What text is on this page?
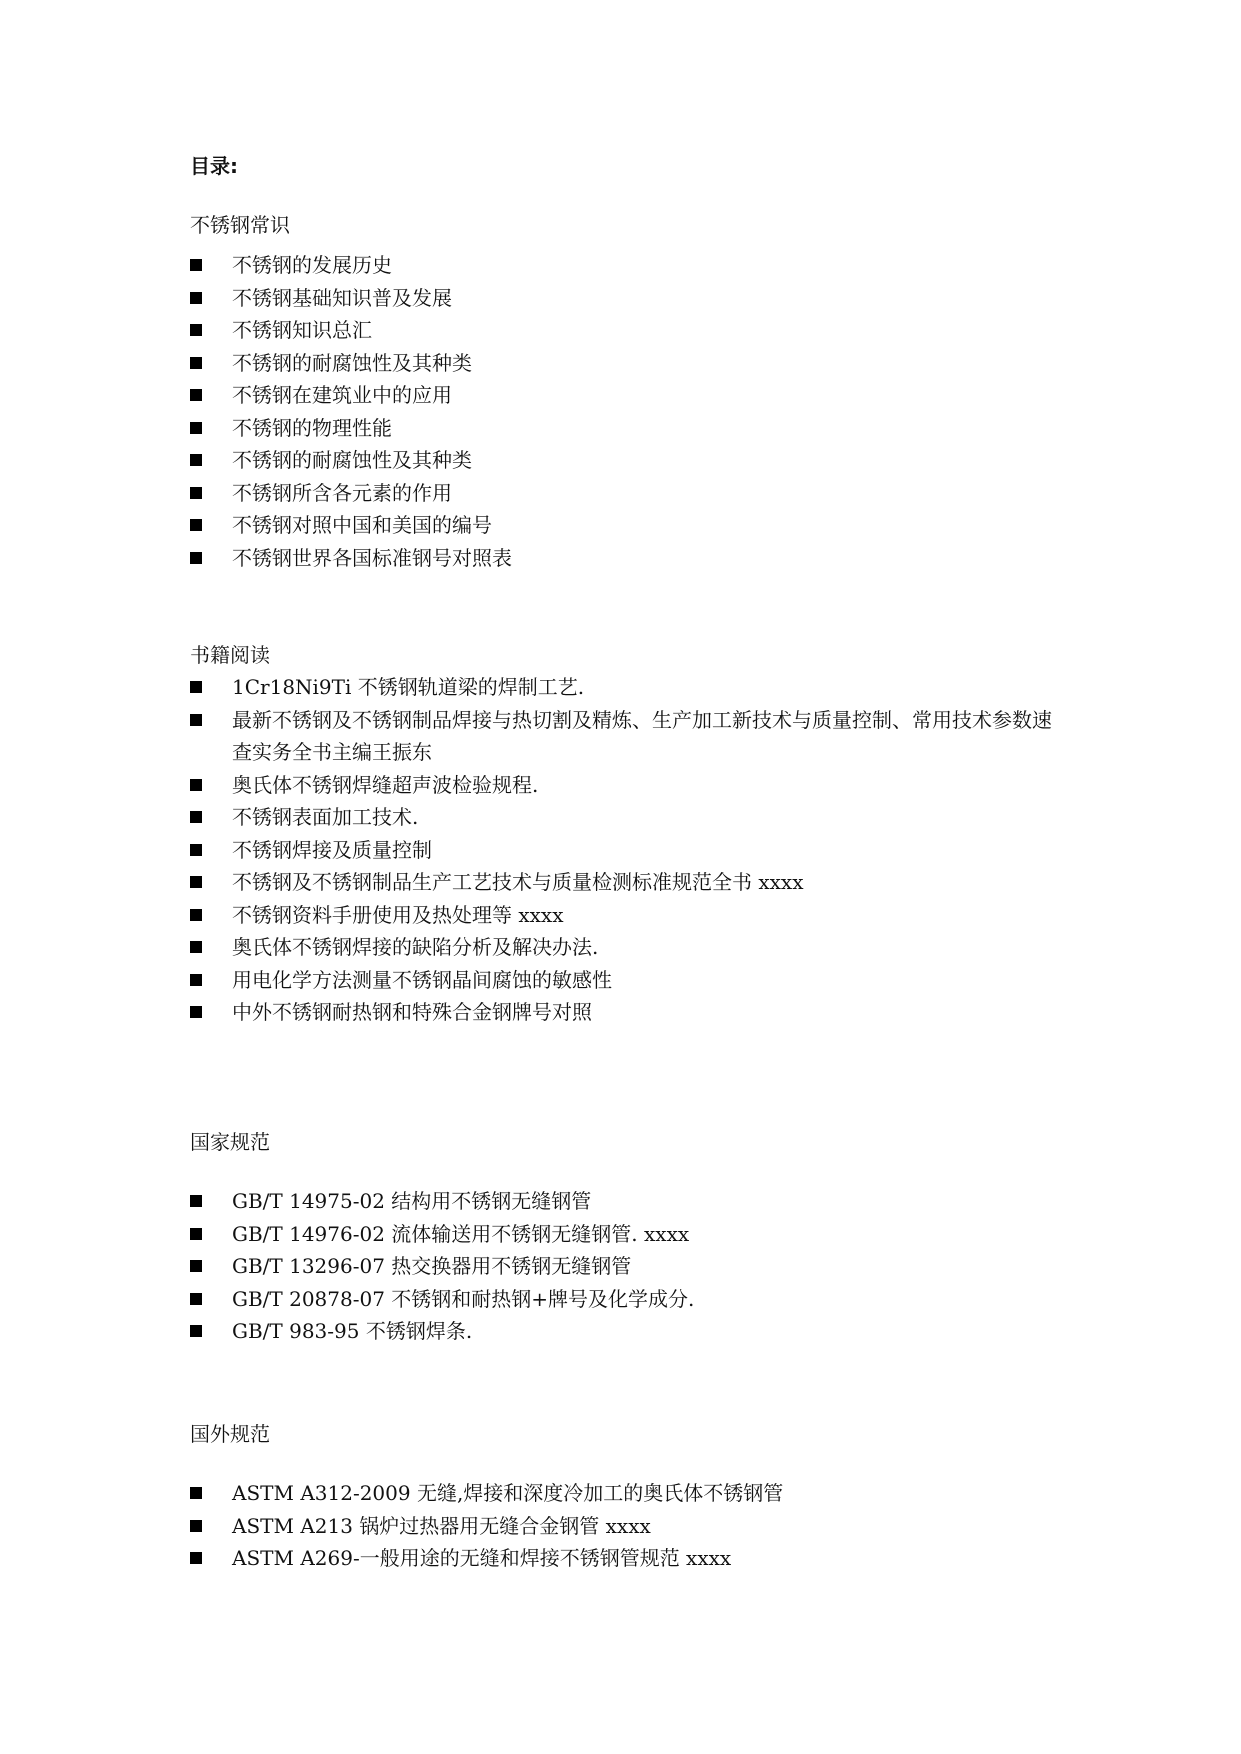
目录:
不锈钢常识
不锈钢的发展历史
不锈钢基础知识普及发展
不锈钢知识总汇
不锈钢的耐腐蚀性及其种类
不锈钢在建筑业中的应用
不锈钢的物理性能
不锈钢的耐腐蚀性及其种类
不锈钢所含各元素的作用
不锈钢对照中国和美国的编号
不锈钢世界各国标准钢号对照表
书籍阅读
1Cr18Ni9Ti 不锈钢轨道梁的焊制工艺.
最新不锈钢及不锈钢制品焊接与热切割及精炼、生产加工新技术与质量控制、常用技术参数速查实务全书主编王振东
奥氏体不锈钢焊缝超声波检验规程.
不锈钢表面加工技术.
不锈钢焊接及质量控制
不锈钢及不锈钢制品生产工艺技术与质量检测标准规范全书 xxxx
不锈钢资料手册使用及热处理等 xxxx
奥氏体不锈钢焊接的缺陷分析及解决办法.
用电化学方法测量不锈钢晶间腐蚀的敏感性
中外不锈钢耐热钢和特殊合金钢牌号对照
国家规范
GB/T 14975-02 结构用不锈钢无缝钢管
GB/T 14976-02 流体输送用不锈钢无缝钢管. xxxx
GB/T 13296-07 热交换器用不锈钢无缝钢管
GB/T 20878-07 不锈钢和耐热钢+牌号及化学成分.
GB/T 983-95 不锈钢焊条.
国外规范
ASTM A312-2009 无缝,焊接和深度冷加工的奥氏体不锈钢管
ASTM A213 锅炉过热器用无缝合金钢管 xxxx
ASTM A269-一般用途的无缝和焊接不锈钢管规范 xxxx
